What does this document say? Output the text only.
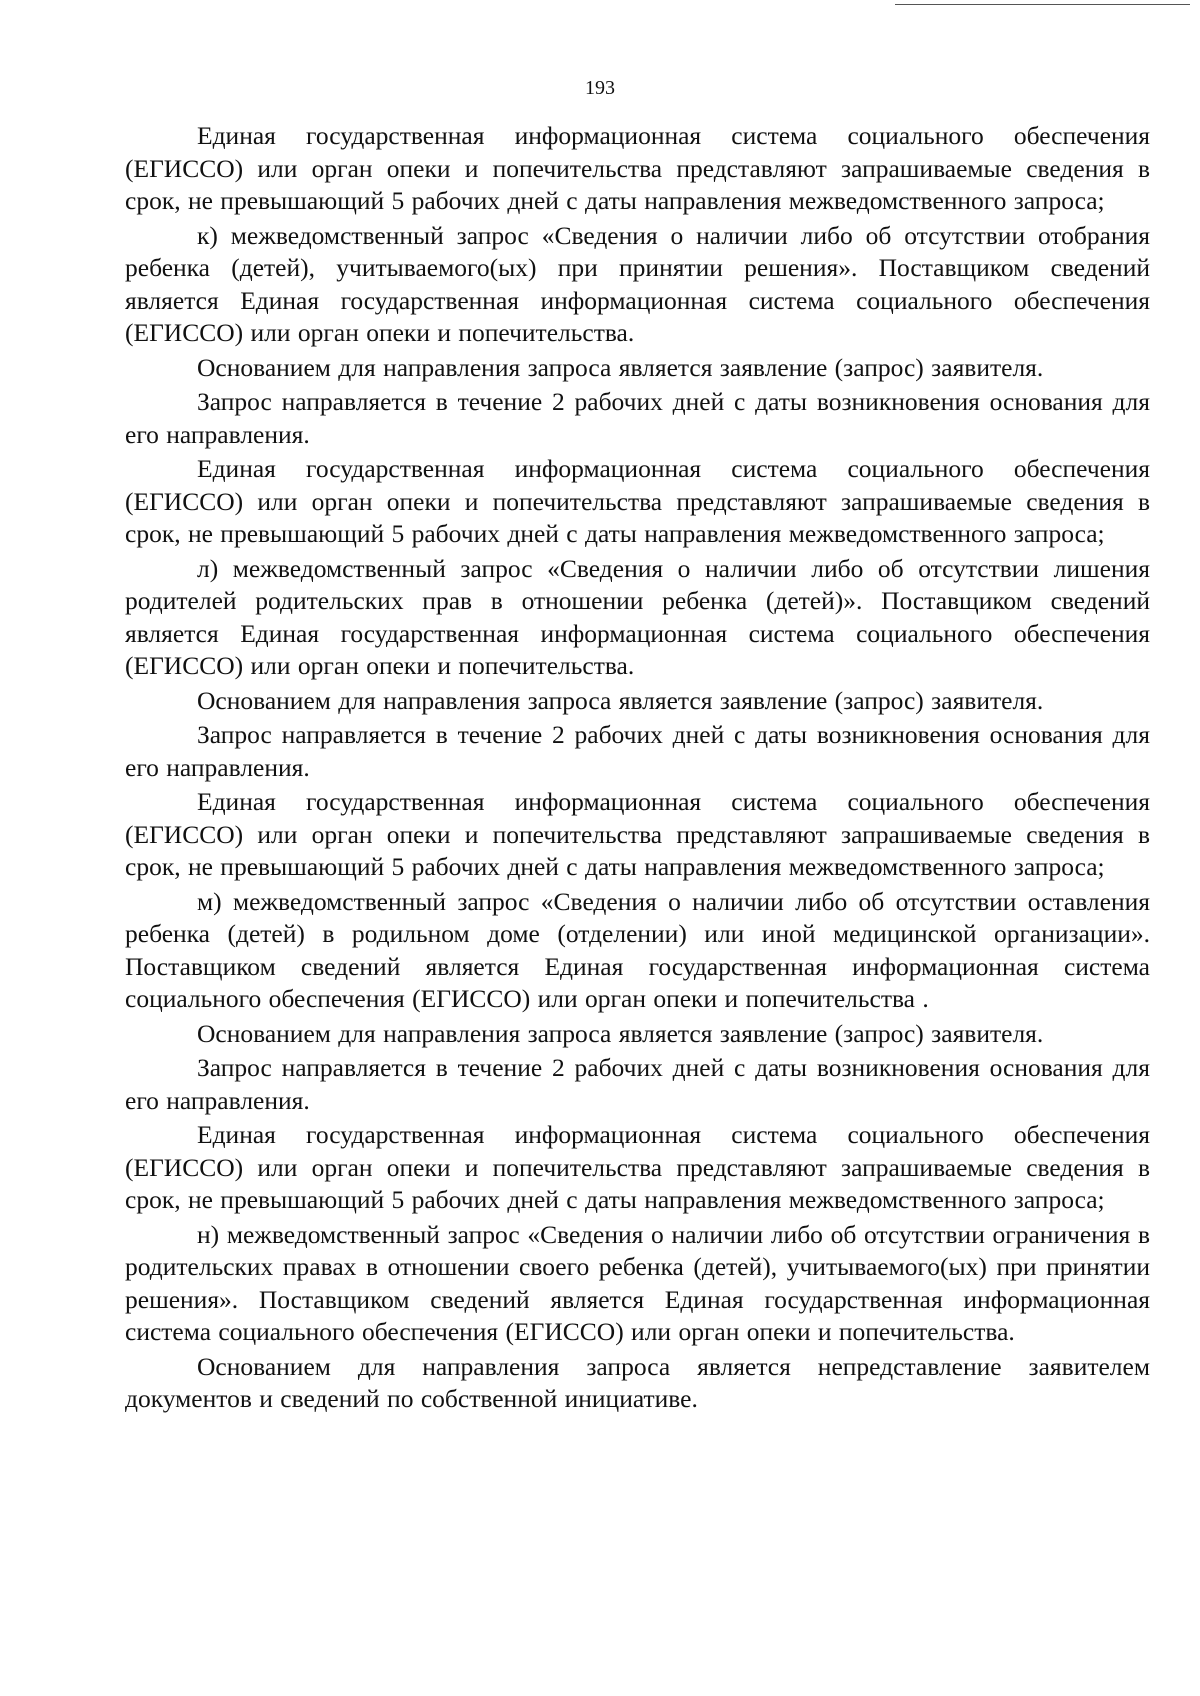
193

Единая государственная информационная система социального обеспечения (ЕГИССО) или орган опеки и попечительства представляют запрашиваемые сведения в срок, не превышающий 5 рабочих дней с даты направления межведомственного запроса;

к) межведомственный запрос «Сведения о наличии либо об отсутствии отобрания ребенка (детей), учитываемого(ых) при принятии решения». Поставщиком сведений является Единая государственная информационная система социального обеспечения (ЕГИССО) или орган опеки и попечительства.

Основанием для направления запроса является заявление (запрос) заявителя.

Запрос направляется в течение 2 рабочих дней с даты возникновения основания для его направления.

Единая государственная информационная система социального обеспечения (ЕГИССО) или орган опеки и попечительства представляют запрашиваемые сведения в срок, не превышающий 5 рабочих дней с даты направления межведомственного запроса;

л) межведомственный запрос «Сведения о наличии либо об отсутствии лишения родителей родительских прав в отношении ребенка (детей)». Поставщиком сведений является Единая государственная информационная система социального обеспечения (ЕГИССО) или орган опеки и попечительства.

Основанием для направления запроса является заявление (запрос) заявителя.

Запрос направляется в течение 2 рабочих дней с даты возникновения основания для его направления.

Единая государственная информационная система социального обеспечения (ЕГИССО) или орган опеки и попечительства представляют запрашиваемые сведения в срок, не превышающий 5 рабочих дней с даты направления межведомственного запроса;

м) межведомственный запрос «Сведения о наличии либо об отсутствии оставления ребенка (детей) в родильном доме (отделении) или иной медицинской организации». Поставщиком сведений является Единая государственная информационная система социального обеспечения (ЕГИССО) или орган опеки и попечительства .

Основанием для направления запроса является заявление (запрос) заявителя.

Запрос направляется в течение 2 рабочих дней с даты возникновения основания для его направления.

Единая государственная информационная система социального обеспечения (ЕГИССО) или орган опеки и попечительства представляют запрашиваемые сведения в срок, не превышающий 5 рабочих дней с даты направления межведомственного запроса;

н) межведомственный запрос «Сведения о наличии либо об отсутствии ограничения в родительских правах в отношении своего ребенка (детей), учитываемого(ых) при принятии решения». Поставщиком сведений является Единая государственная информационная система социального обеспечения (ЕГИССО) или орган опеки и попечительства.

Основанием для направления запроса является непредставление заявителем документов и сведений по собственной инициативе.
